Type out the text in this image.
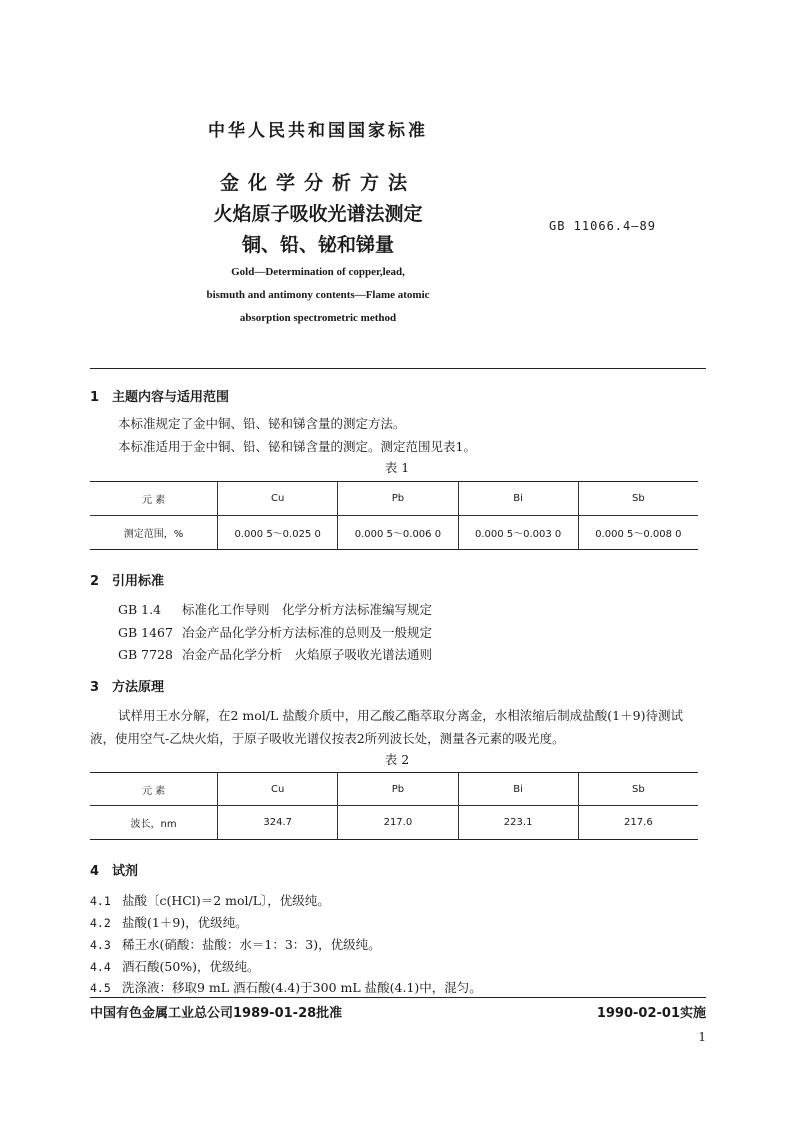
中华人民共和国国家标准
金化学分析方法
火焰原子吸收光谱法测定
铜、铅、铋和锑量
GB 11066.4—89
Gold—Determination of copper,lead,
bismuth and antimony contents—Flame atomic
absorption spectrometric method
1 主题内容与适用范围
本标准规定了金中铜、铅、铋和锑含量的测定方法。
本标准适用于金中铜、铅、铋和锑含量的测定。测定范围见表1。
表 1
元 素	Cu	Pb	Bi	Sb
测定范围，%	0.000 5～0.025 0	0.000 5～0.006 0	0.000 5～0.003 0	0.000 5～0.008 0
2 引用标准
GB 1.4 标准化工作导则　化学分析方法标准编写规定
GB 1467 冶金产品化学分析方法标准的总则及一般规定
GB 7728 冶金产品化学分析　火焰原子吸收光谱法通则
3 方法原理
试样用王水分解，在2 mol/L 盐酸介质中，用乙酸乙酯萃取分离金，水相浓缩后制成盐酸(1＋9)待测试液，使用空气-乙炔火焰，于原子吸收光谱仪按表2所列波长处，测量各元素的吸光度。
表 2
元 素	Cu	Pb	Bi	Sb
波长，nm	324.7	217.0	223.1	217.6
4 试剂
4.1 盐酸〔c(HCl)＝2 mol/L〕，优级纯。
4.2 盐酸(1＋9)，优级纯。
4.3 稀王水(硝酸：盐酸：水＝1：3：3)，优级纯。
4.4 酒石酸(50%)，优级纯。
4.5 洗涤液：移取9 mL 酒石酸(4.4)于300 mL 盐酸(4.1)中，混匀。
中国有色金属工业总公司1989-01-28批准	1990-02-01实施
1
